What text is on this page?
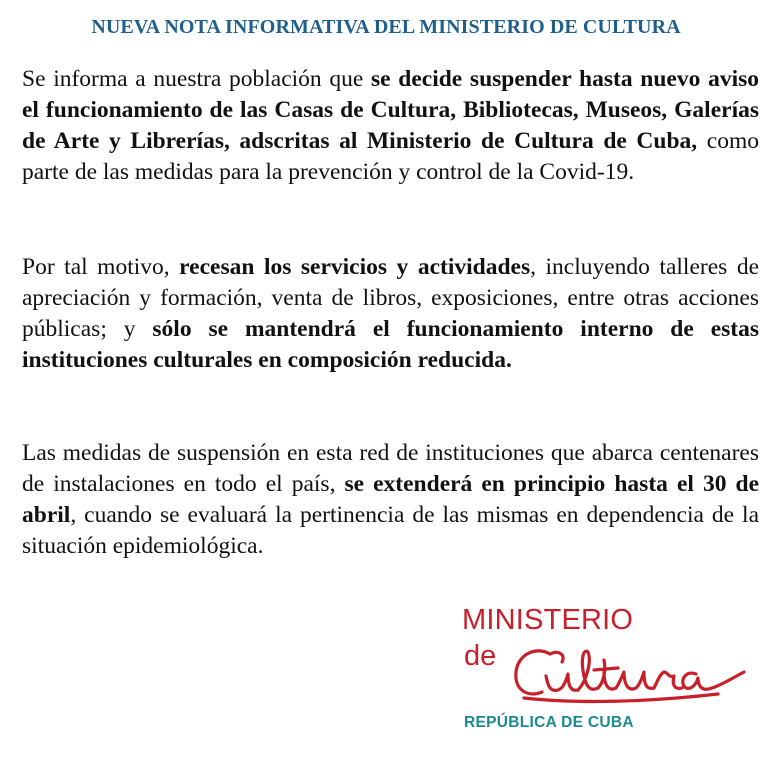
NUEVA NOTA INFORMATIVA DEL MINISTERIO DE CULTURA

Se informa a nuestra población que se decide suspender hasta nuevo aviso el funcionamiento de las Casas de Cultura, Bibliotecas, Museos, Galerías de Arte y Librerías, adscritas al Ministerio de Cultura de Cuba, como parte de las medidas para la prevención y control de la Covid-19.

Por tal motivo, recesan los servicios y actividades, incluyendo talleres de apreciación y formación, venta de libros, exposiciones, entre otras acciones públicas; y sólo se mantendrá el funcionamiento interno de estas instituciones culturales en composición reducida.

Las medidas de suspensión en esta red de instituciones que abarca centenares de instalaciones en todo el país, se extenderá en principio hasta el 30 de abril, cuando se evaluará la pertinencia de las mismas en dependencia de la situación epidemiológica.

MINISTERIO
de
REPÚBLICA DE CUBA
